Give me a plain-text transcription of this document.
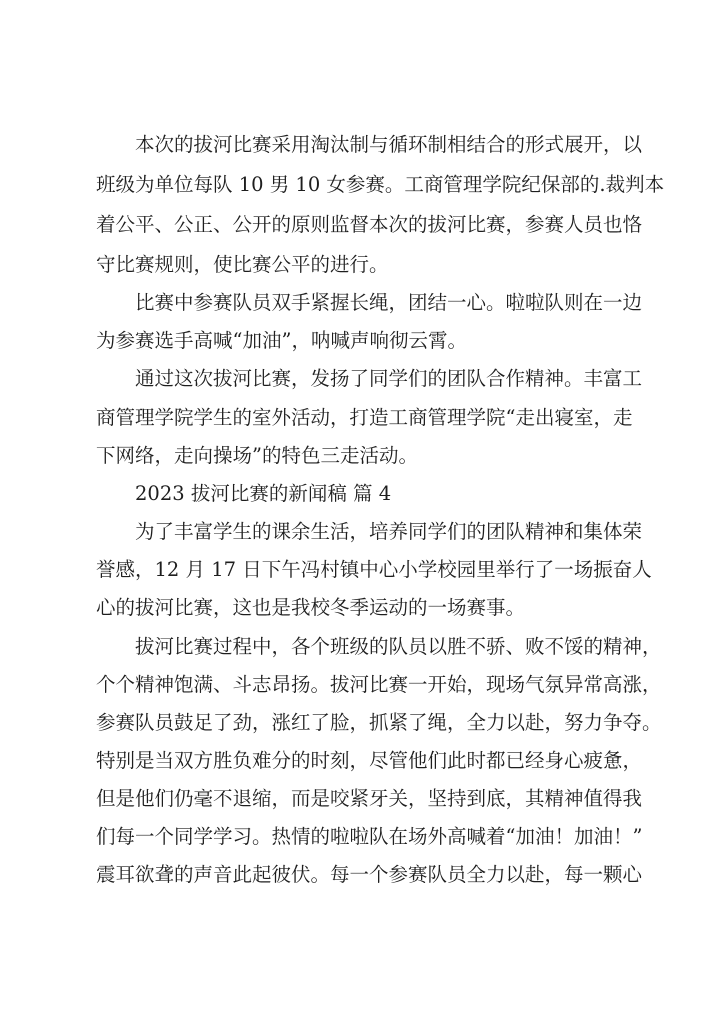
本次的拔河比赛采用淘汰制与循环制相结合的形式展开，以
班级为单位每队 10 男 10 女参赛。工商管理学院纪保部的.裁判本
着公平、公正、公开的原则监督本次的拔河比赛，参赛人员也恪
守比赛规则，使比赛公平的进行。
比赛中参赛队员双手紧握长绳，团结一心。啦啦队则在一边
为参赛选手高喊“加油”，呐喊声响彻云霄。
通过这次拔河比赛，发扬了同学们的团队合作精神。丰富工
商管理学院学生的室外活动，打造工商管理学院“走出寝室，走
下网络，走向操场”的特色三走活动。
2023 拔河比赛的新闻稿 篇 4
为了丰富学生的课余生活，培养同学们的团队精神和集体荣
誉感，12 月 17 日下午冯村镇中心小学校园里举行了一场振奋人
心的拔河比赛，这也是我校冬季运动的一场赛事。
拔河比赛过程中，各个班级的队员以胜不骄、败不馁的精神，
个个精神饱满、斗志昂扬。拔河比赛一开始，现场气氛异常高涨，
参赛队员鼓足了劲，涨红了脸，抓紧了绳，全力以赴，努力争夺。
特别是当双方胜负难分的时刻，尽管他们此时都已经身心疲惫，
但是他们仍毫不退缩，而是咬紧牙关，坚持到底，其精神值得我
们每一个同学学习。热情的啦啦队在场外高喊着“加油！加油！”
震耳欲聋的声音此起彼伏。每一个参赛队员全力以赴，每一颗心
